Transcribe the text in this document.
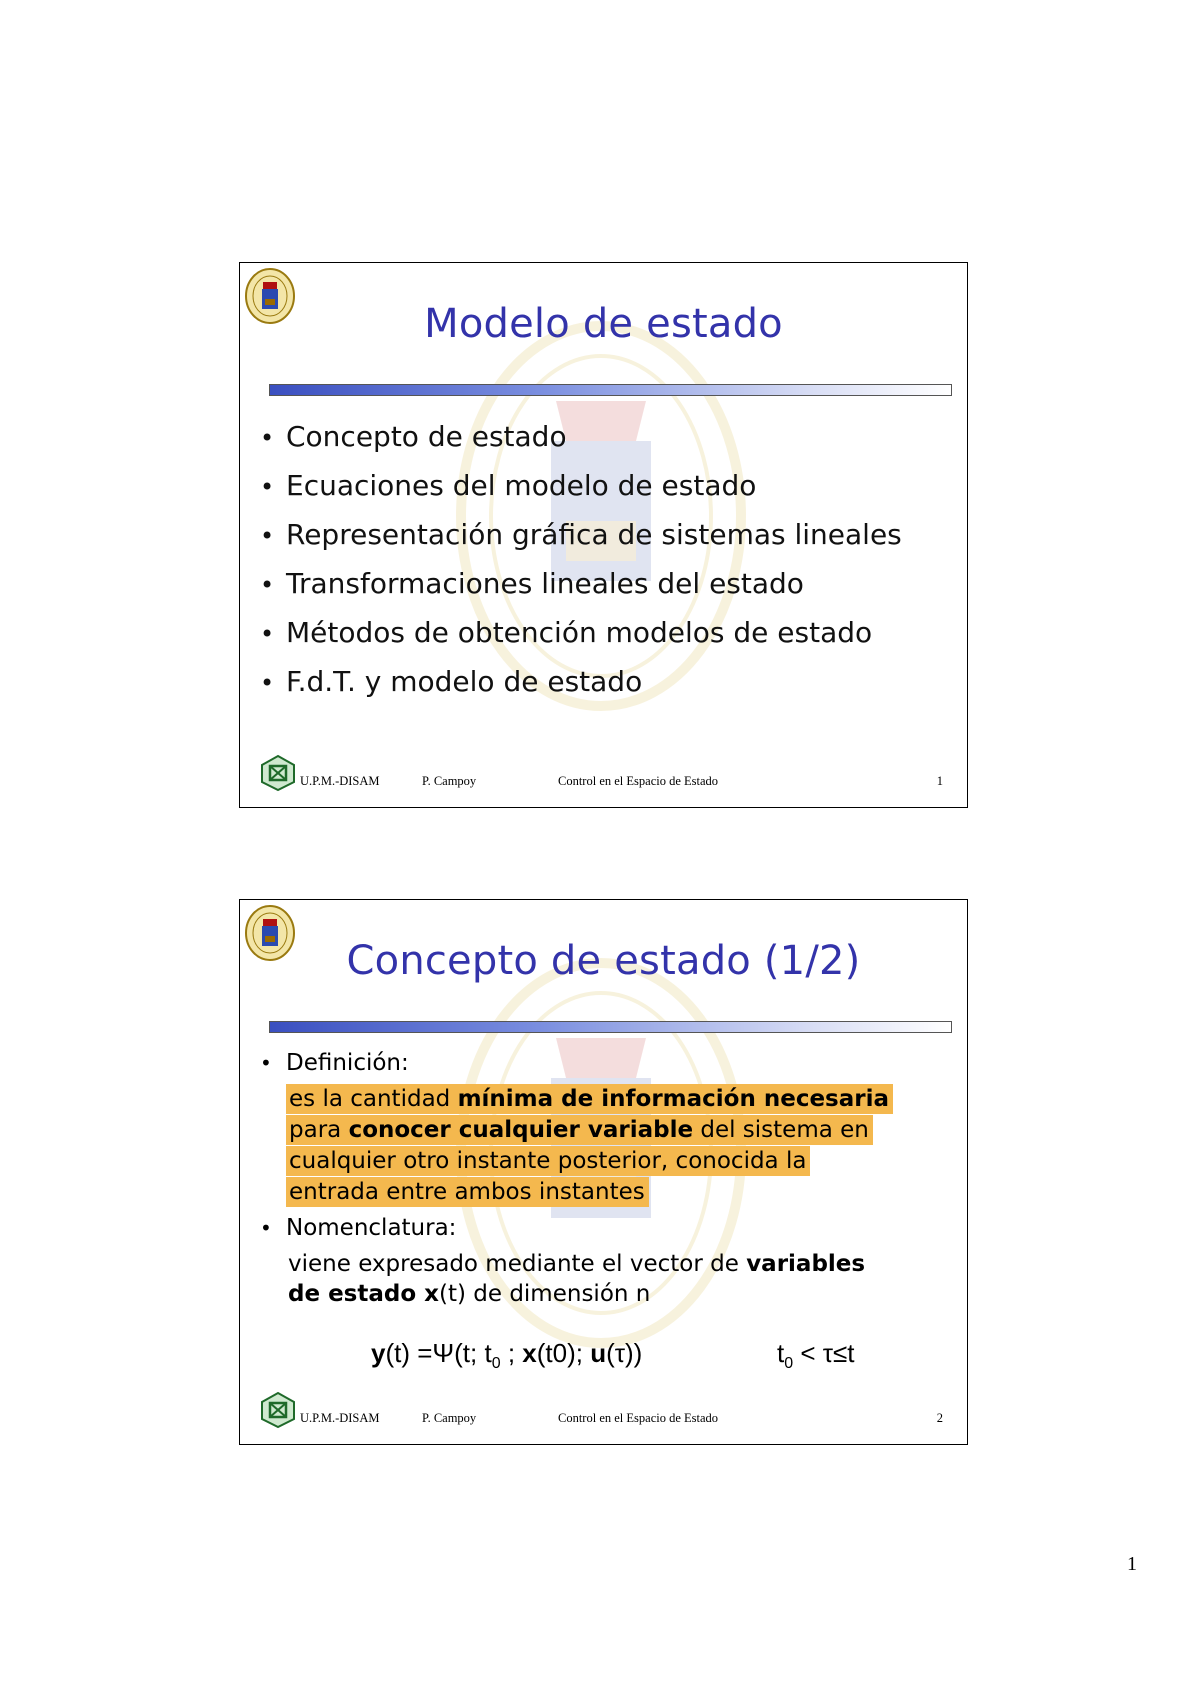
Modelo de estado
• Concepto de estado
• Ecuaciones del modelo de estado
• Representación gráfica de sistemas lineales
• Transformaciones lineales del estado
• Métodos de obtención modelos de estado
• F.d.T. y modelo de estado
U.P.M.-DISAM	P. Campoy	Control en el Espacio de Estado	1
Concepto de estado (1/2)
• Definición:
es la cantidad mínima de información necesaria
para conocer cualquier variable del sistema en
cualquier otro instante posterior, conocida la
entrada entre ambos instantes
• Nomenclatura:
viene expresado mediante el vector de variables
de estado x(t) de dimensión n
y(t) =Ψ(t; $t_0$ ; x(t0); u(τ))	$t_0 < \tau\le t$
U.P.M.-DISAM	P. Campoy	Control en el Espacio de Estado	2
1
